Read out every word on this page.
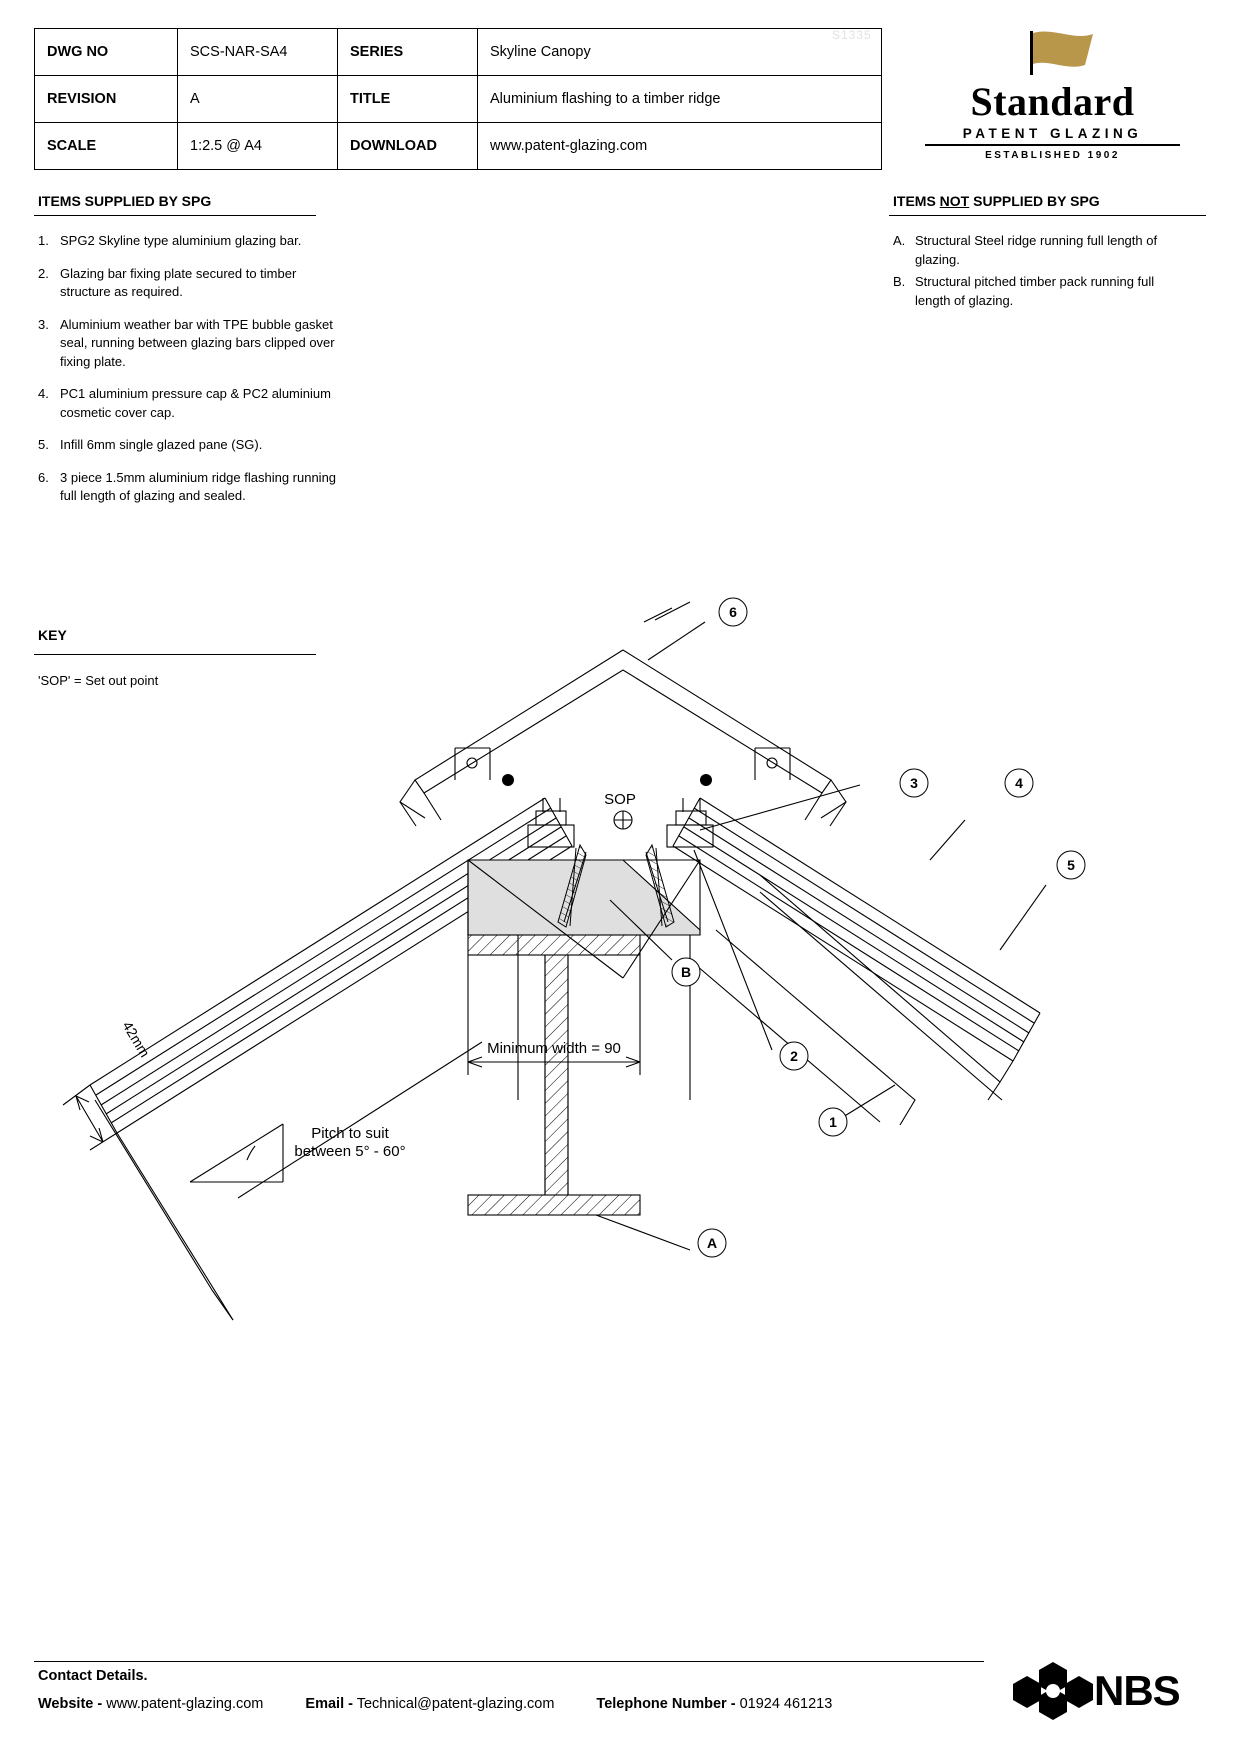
DWG NO	SCS-NAR-SA4	SERIES	Skyline Canopy
REVISION	A	TITLE	Aluminium flashing to a timber ridge
SCALE	1:2.5 @ A4	DOWNLOAD	www.patent-glazing.com
S1335
Standard
PATENT GLAZING
ESTABLISHED 1902
ITEMS SUPPLIED BY SPG
1. SPG2 Skyline type aluminium glazing bar.
2. Glazing bar fixing plate secured to timber structure as required.
3. Aluminium weather bar with TPE bubble gasket seal, running between glazing bars clipped over fixing plate.
4. PC1 aluminium pressure cap & PC2 aluminium cosmetic cover cap.
5. Infill 6mm single glazed pane (SG).
6. 3 piece 1.5mm aluminium ridge flashing running full length of glazing and sealed.
ITEMS NOT SUPPLIED BY SPG
A. Structural Steel ridge running full length of glazing.
B. Structural pitched timber pack running full length of glazing.
KEY
'SOP' = Set out point
6
3	4
5
2
1
A
B
SOP
42mm	Minimum width = 90
Pitch to suit
between 5° - 60°
Contact Details.
Website - www.patent-glazing.com	Email - Technical@patent-glazing.com	Telephone Number - 01924 461213	NBS
